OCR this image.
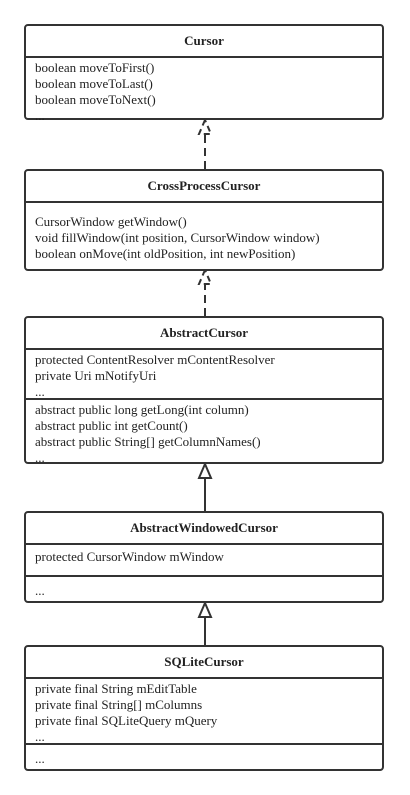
Cursor
boolean moveToFirst()
boolean moveToLast()
boolean moveToNext()
...
CrossProcessCursor
CursorWindow getWindow()
void fillWindow(int position, CursorWindow window)
boolean onMove(int oldPosition, int newPosition)
AbstractCursor
protected ContentResolver mContentResolver
private Uri mNotifyUri
...
abstract public long getLong(int column)
abstract public int getCount()
abstract public String[] getColumnNames()
...
AbstractWindowedCursor
protected CursorWindow mWindow
...
SQLiteCursor
private final String mEditTable
private final String[] mColumns
private final SQLiteQuery mQuery
...
...
